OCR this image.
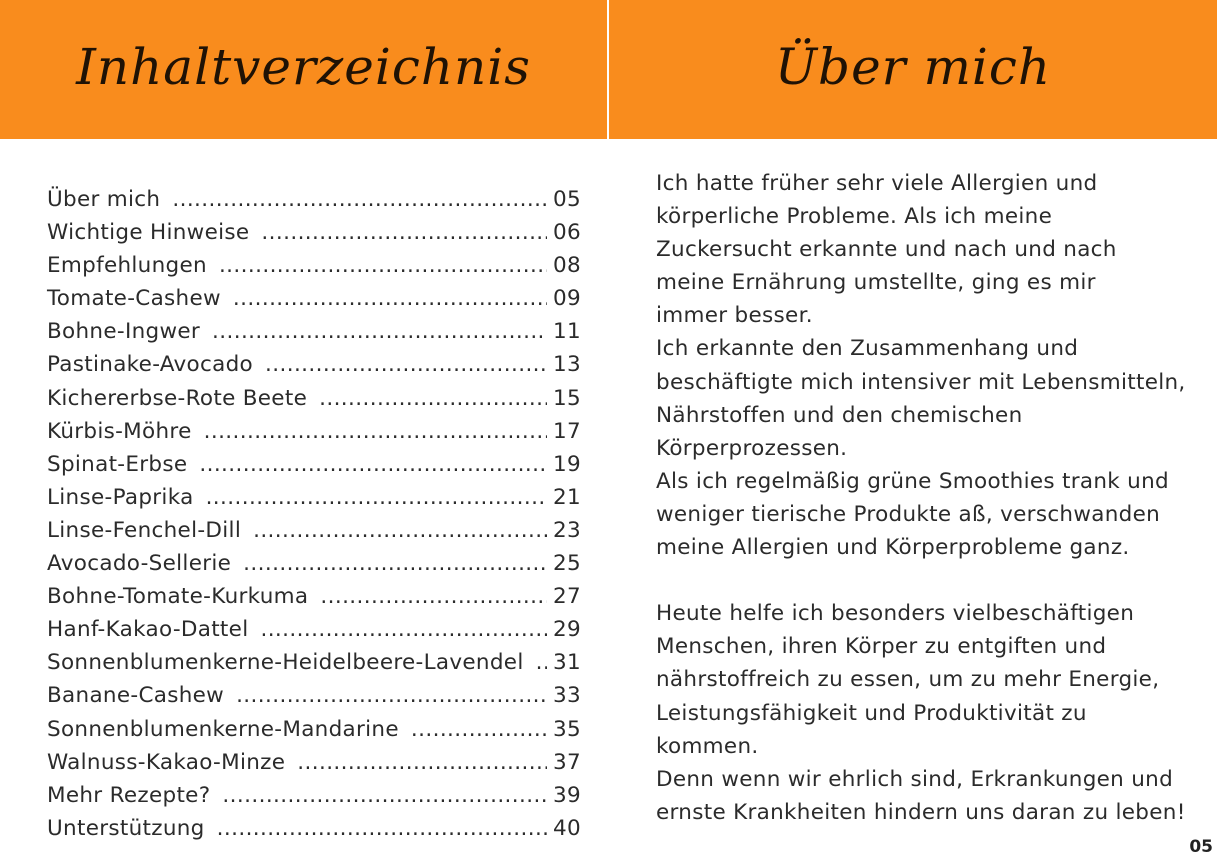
Inhaltverzeichnis	Über mich
Über mich .....	05
Wichtige Hinweise .....	06
Empfehlungen .....	08
Tomate-Cashew .....	09
Bohne-Ingwer .....	11
Pastinake-Avocado .....	13
Kichererbse-Rote Beete .....	15
Kürbis-Möhre .....	17
Spinat-Erbse .....	19
Linse-Paprika .....	21
Linse-Fenchel-Dill .....	23
Avocado-Sellerie .....	25
Bohne-Tomate-Kurkuma .....	27
Hanf-Kakao-Dattel .....	29
Sonnenblumenkerne-Heidelbeere-Lavendel ..... 31
Banane-Cashew .....	33
Sonnenblumenkerne-Mandarine .....	35
Walnuss-Kakao-Minze .....	37
Mehr Rezepte? .....	39
Unterstützung .....	40

Ich hatte früher sehr viele Allergien und

körperliche Probleme. Als ich meine

Zuckersucht erkannte und nach und nach

meine Ernährung umstellte, ging es mir

immer besser.

Ich erkannte den Zusammenhang und

beschäftigte mich intensiver mit Lebensmitteln,

Nährstoffen und den chemischen

Körperprozessen.

Als ich regelmäßig grüne Smoothies trank und

weniger tierische Produkte aß, verschwanden

meine Allergien und Körperprobleme ganz.

Heute helfe ich besonders vielbeschäftigen

Menschen, ihren Körper zu entgiften und

nährstoffreich zu essen, um zu mehr Energie,

Leistungsfähigkeit und Produktivität zu

kommen.

Denn wenn wir ehrlich sind, Erkrankungen und

ernste Krankheiten hindern uns daran zu leben!

05
